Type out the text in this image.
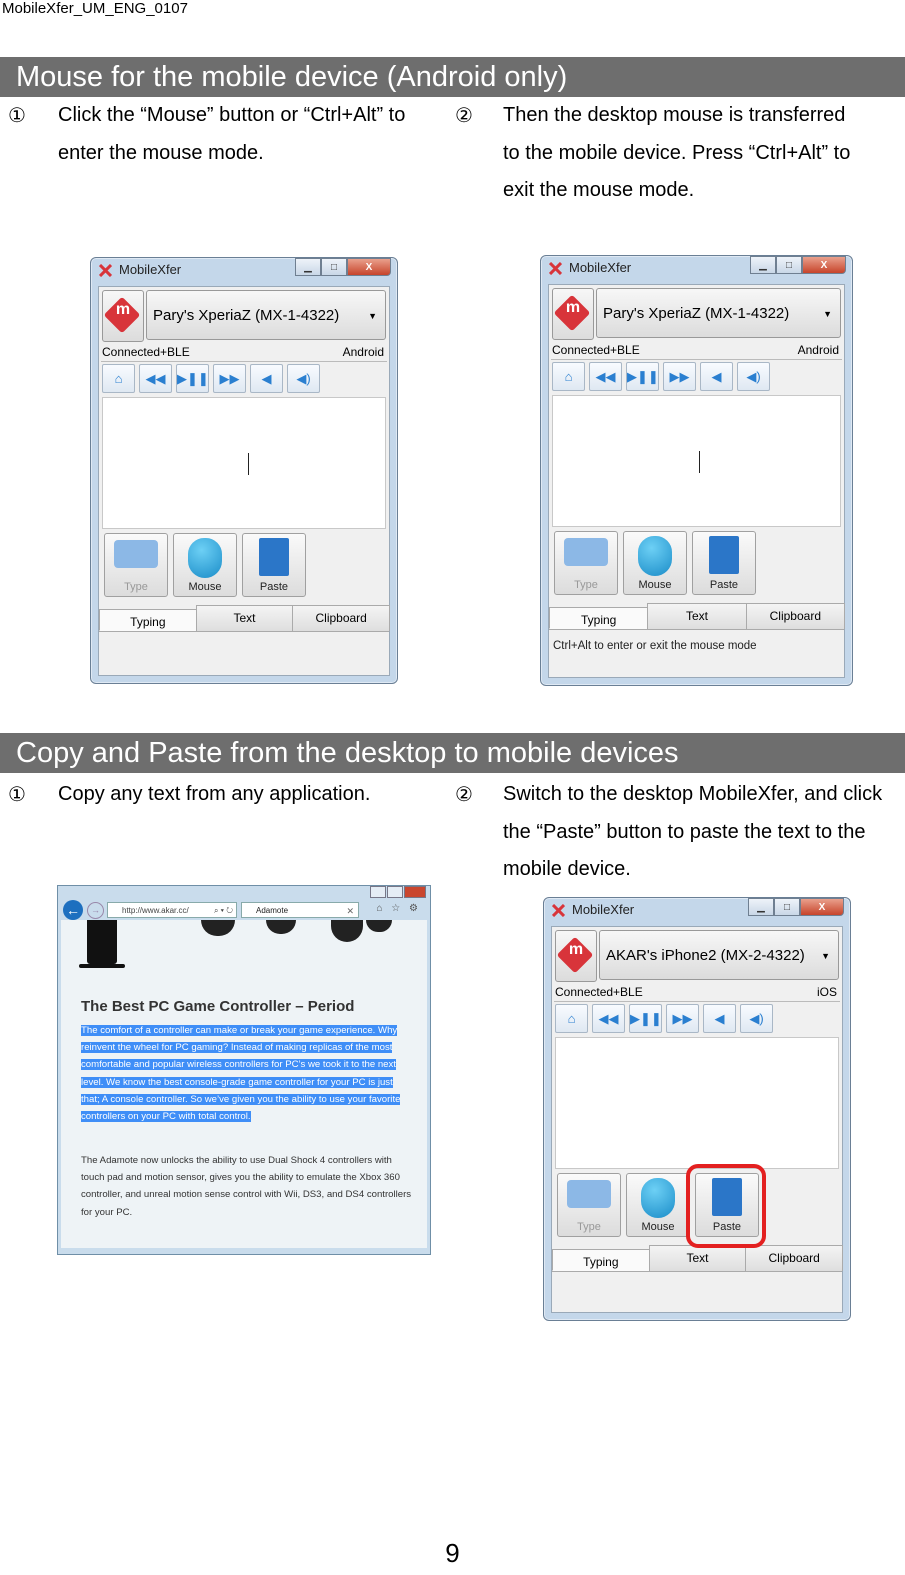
MobileXfer_UM_ENG_0107
Mouse for the mobile device (Android only)
① Click the “Mouse” button or “Ctrl+Alt” to enter the mouse mode.
② Then the desktop mouse is transferred to the mobile device. Press “Ctrl+Alt” to exit the mouse mode.
MobileXfer	▁	□	X
m	Pary's XperiaZ (MX-1-4322)	▼
Connected+BLE	Android
⌂	◀◀ ▶❚❚ ▶▶	◀	◀)
Type	Mouse	Paste
Typing	Text	Clipboard
MobileXfer	▁	□	X
m	Pary's XperiaZ (MX-1-4322)	▼
Connected+BLE	Android
⌂	◀◀ ▶❚❚ ▶▶	◀	◀)
Type	Mouse	Paste
Typing	Text	Clipboard
Ctrl+Alt to enter or exit the mouse mode
Copy and Paste from the desktop to mobile devices
① Copy any text from any application.	② Switch to the desktop MobileXfer, and click the “Paste” button to paste the text to the mobile device.
←	→	http://www.akar.cc/	⌕ ▾ ↻	Adamote	✕ ⌂ ☆ ⚙
The Best PC Game Controller – Period
The comfort of a controller can make or break your game experience. Why reinvent the wheel for PC gaming? Instead of making replicas of the most comfortable and popular wireless controllers for PC’s we took it to the next level. We know the best console-grade game controller for your PC is just that; A console controller. So we’ve given you the ability to use your favorite controllers on your PC with total control.
The Adamote now unlocks the ability to use Dual Shock 4 controllers with touch pad and motion sensor, gives you the ability to emulate the Xbox 360 controller, and unreal motion sense control with Wii, DS3, and DS4 controllers for your PC.
MobileXfer	▁	□	X
m	AKAR's iPhone2 (MX-2-4322) ▼
Connected+BLE	iOS
⌂	◀◀ ▶❚❚ ▶▶	◀	◀)
Type	Mouse	Paste
Typing	Text	Clipboard
9
